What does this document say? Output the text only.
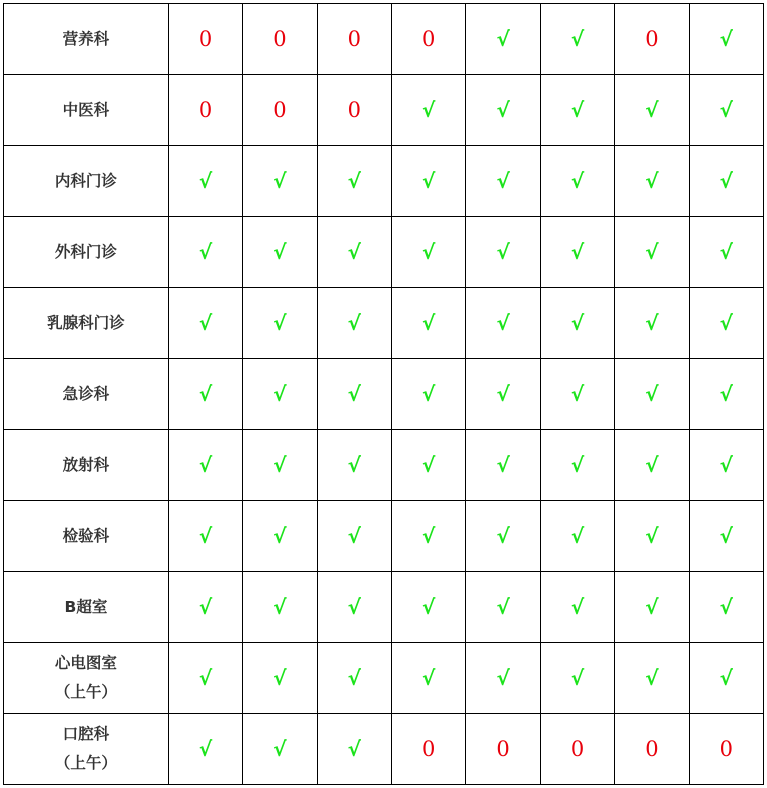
营养科	0	0	0	0	√	√	0	√
中医科	0	0	0	√	√	√	√	√
内科门诊	√	√	√	√	√	√	√	√
外科门诊	√	√	√	√	√	√	√	√
乳腺科门诊	√	√	√	√	√	√	√	√
急诊科	√	√	√	√	√	√	√	√
放射科	√	√	√	√	√	√	√	√
检验科	√	√	√	√	√	√	√	√
B超室	√	√	√	√	√	√	√	√
心电图室
（上午）	√	√	√	√	√	√	√	√
口腔科
（上午）	√	√	√	0	0	0	0	0
